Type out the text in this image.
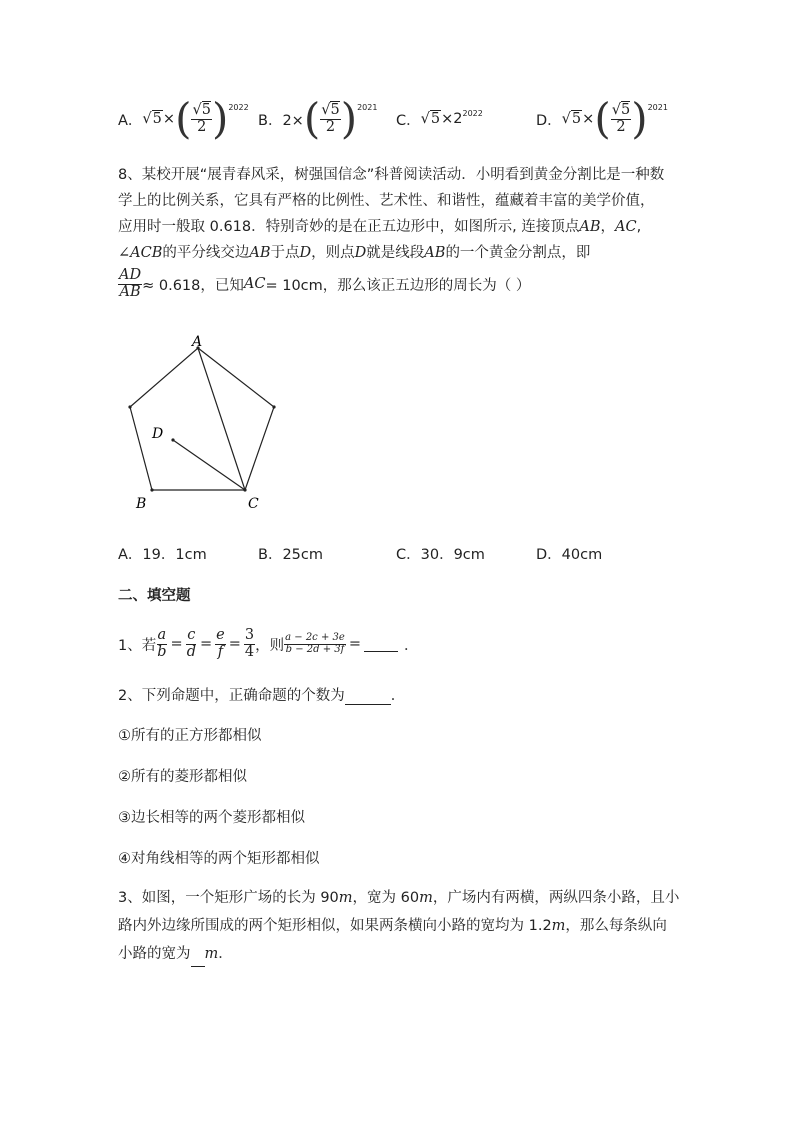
A． √5 × ( $\frac{√5}{2}$ ) 2022
B．2× ( $\frac{√5}{2}$ ) 2021
C． √5 × 2 2022	D． √5 × ( $\frac{√5}{2}$ ) 2021
8、某校开展“展青春风采，树强国信念”科普阅读活动．小明看到黄金分割比是一种数
学上的比例关系，它具有严格的比例性、艺术性、和谐性，蕴藏着丰富的美学价值，
应用时一般取 0.618．特别奇妙的是在正五边形中，如图所示, 连接顶点AB，AC,
∠ACB的平分线交边AB于点D，则点D就是线段AB的一个黄金分割点，即
$\frac{AD}{AB} \approx 0.618$，已知 AC = 10cm，那么该正五边形的周长为（ ）
A
B	C
D
A．19．1cm	B．25cm	C．30．9cm	D．40cm
二、填空题
1、若 $\frac{a}{b} = \frac{c}{d} = \frac{e}{f} = \frac{3}{4}$ ，则 $\frac{a - 2c + 3e}{b - 2d + 3f}$ =	．
2、下列命题中，正确命题的个数为	．
①所有的正方形都相似
②所有的菱形都相似
③边长相等的两个菱形都相似
④对角线相等的两个矩形都相似
3、如图，一个矩形广场的长为 90m，宽为 60m，广场内有两横，两纵四条小路，且小
路内外边缘所围成的两个矩形相似，如果两条横向小路的宽均为 1.2m，那么每条纵向
小路的宽为 m．
